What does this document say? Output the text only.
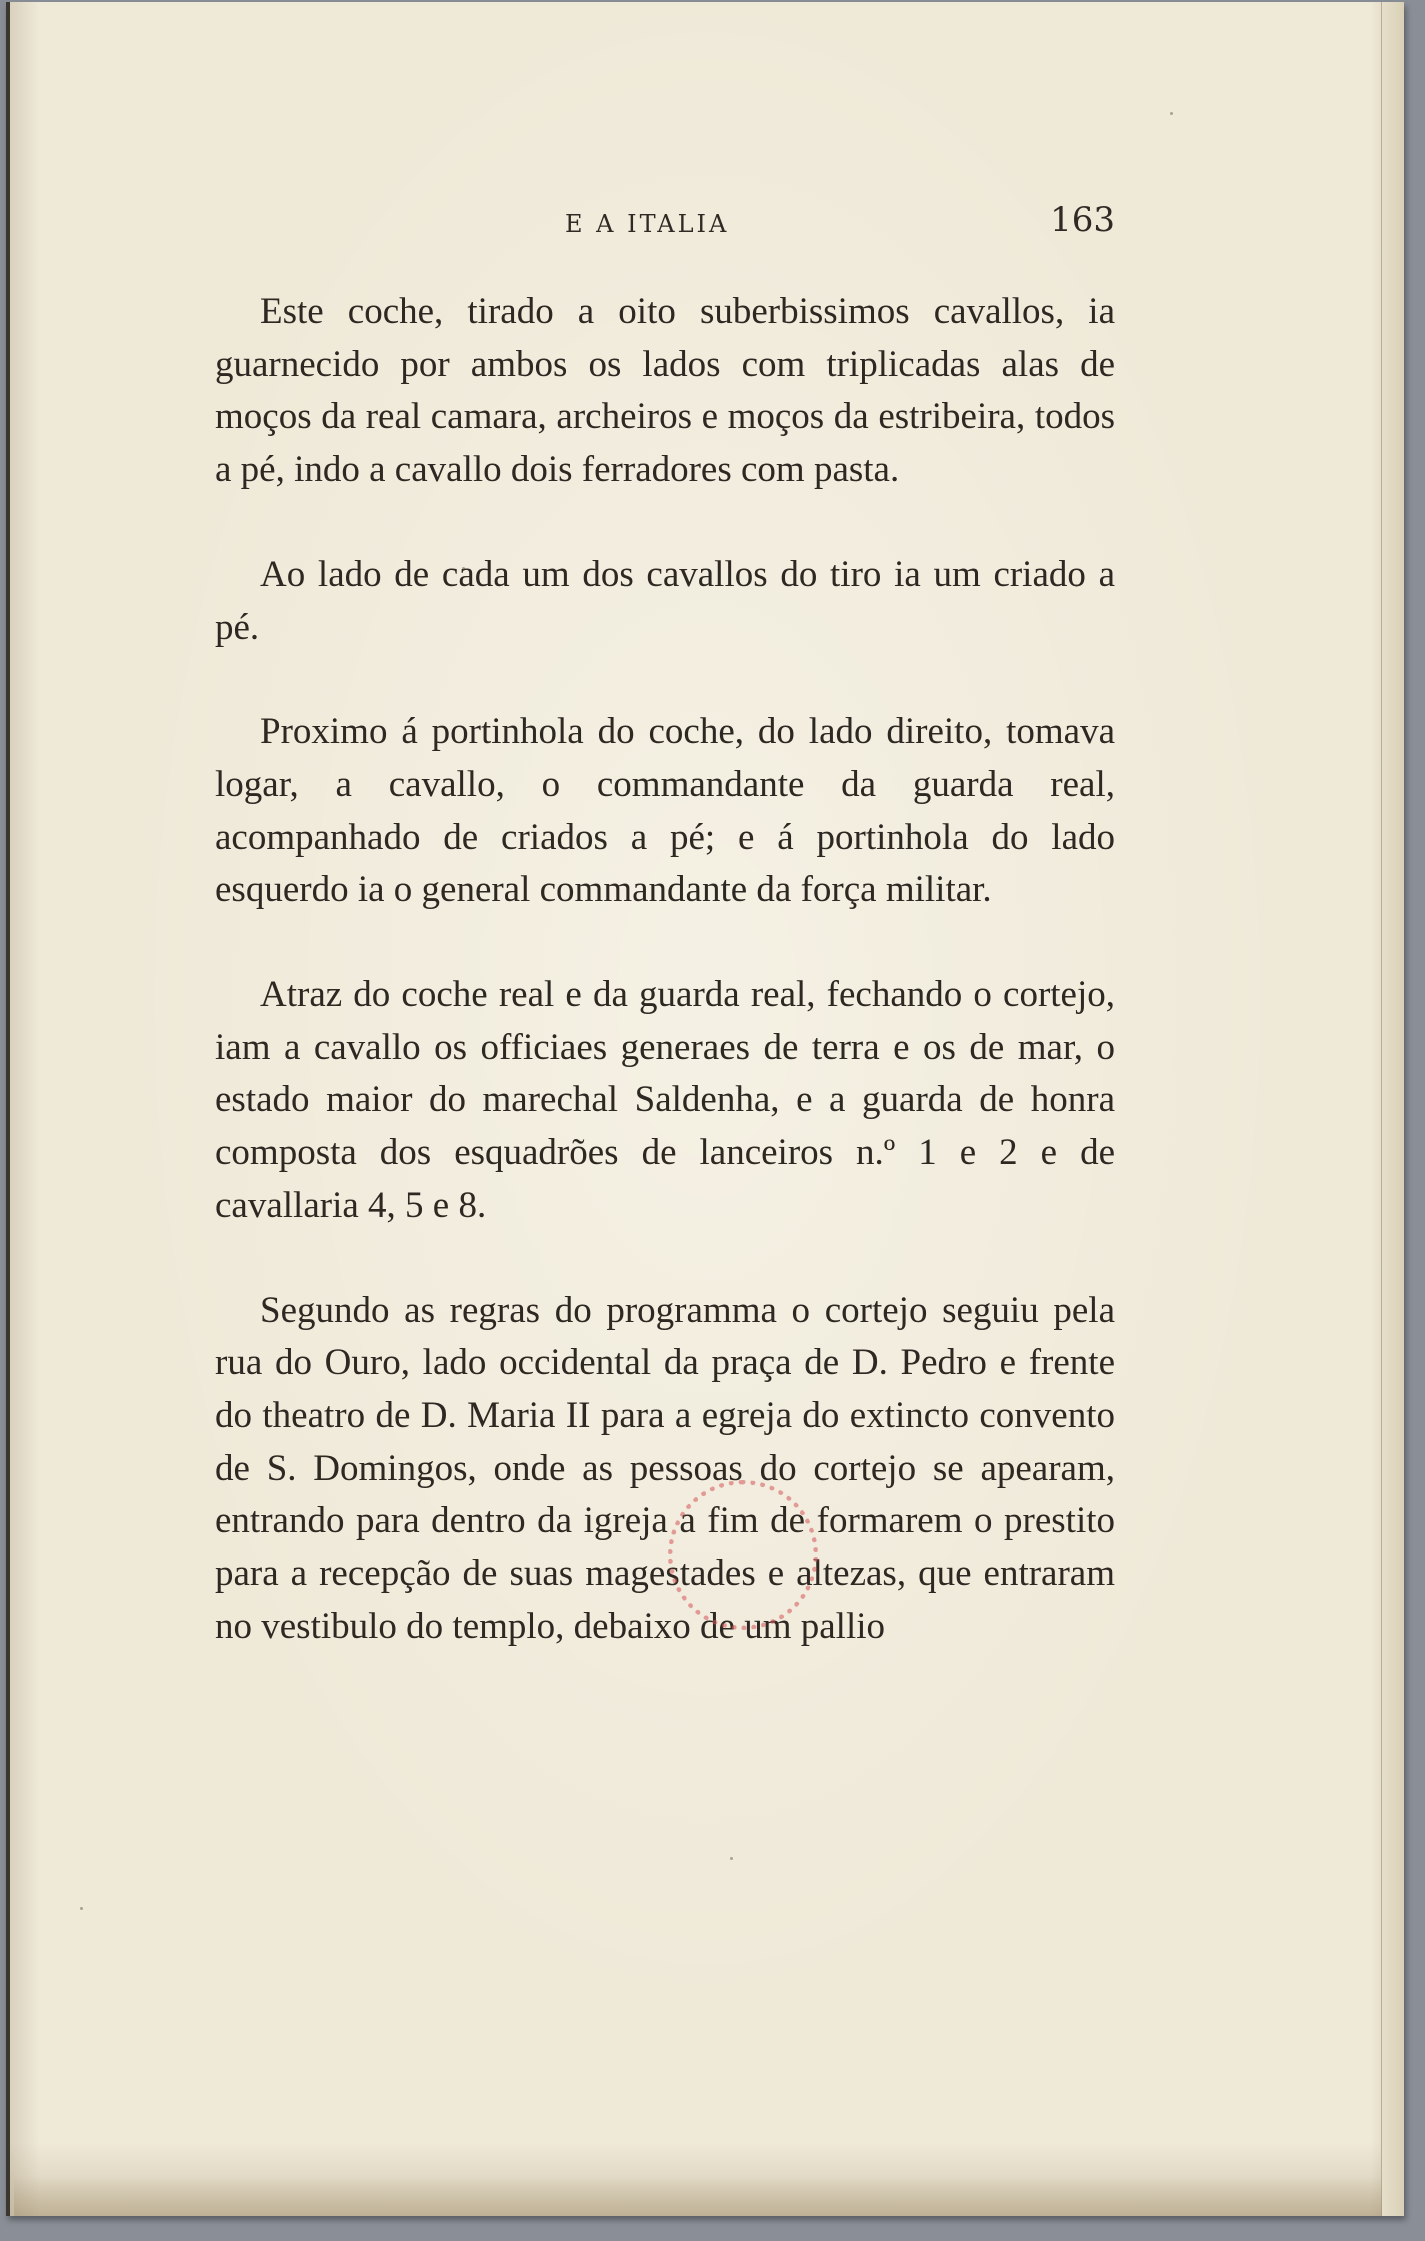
E A ITALIA	163

Este coche, tirado a oito suberbissimos cavallos, ia guarnecido por ambos os lados com triplicadas alas de moços da real camara, archeiros e moços da estribeira, todos a pé, indo a cavallo dois ferradores com pasta.

Ao lado de cada um dos cavallos do tiro ia um criado a pé.

Proximo á portinhola do coche, do lado direito, tomava logar, a cavallo, o commandante da guarda real, acompanhado de criados a pé; e á portinhola do lado esquerdo ia o general commandante da força militar.

Atraz do coche real e da guarda real, fechando o cortejo, iam a cavallo os officiaes generaes de terra e os de mar, o estado maior do marechal Saldenha, e a guarda de honra composta dos esquadrões de lanceiros n.º 1 e 2 e de cavallaria 4, 5 e 8.

Segundo as regras do programma o cortejo seguiu pela rua do Ouro, lado occidental da praça de D. Pedro e frente do theatro de D. Maria II para a egreja do extincto convento de S. Domingos, onde as pessoas do cortejo se apearam, entrando para dentro da igreja a fim de formarem o prestito para a recepção de suas magestades e altezas, que entraram no vestibulo do templo, debaixo de um pallio
